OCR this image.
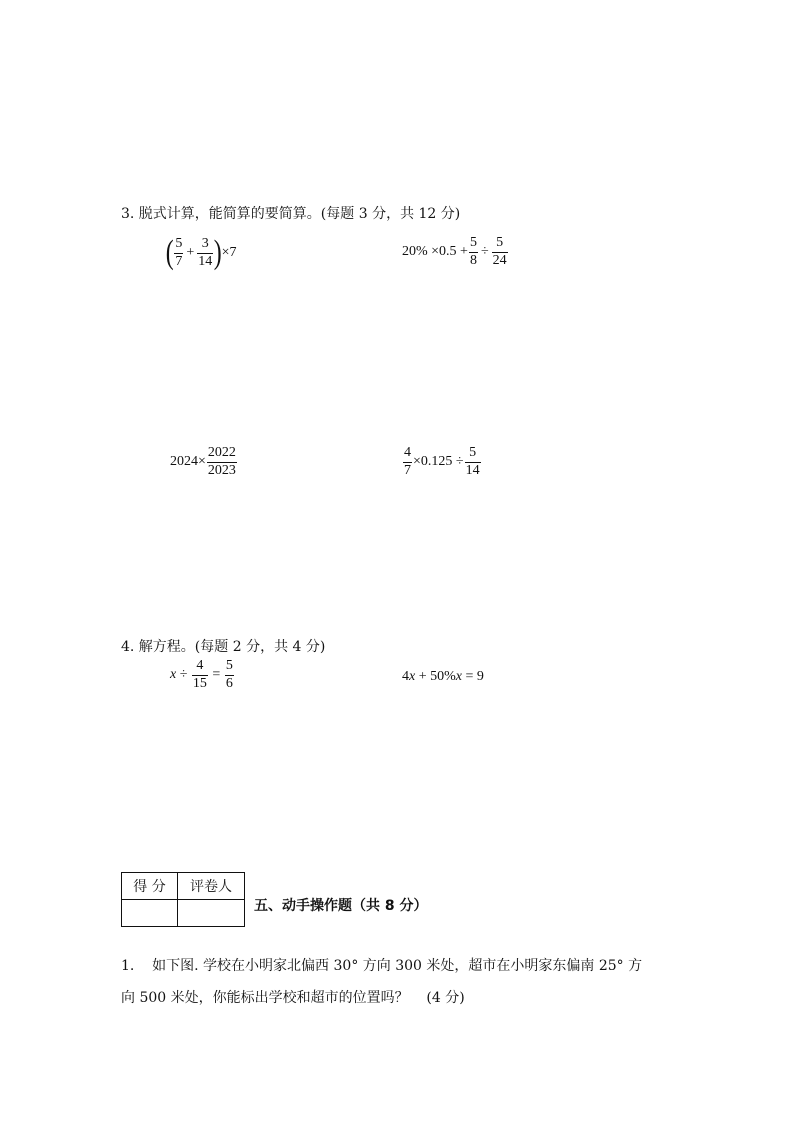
3. 脱式计算，能简算的要简算。(每题 3 分，共 12 分)
( $\frac{5}{7} + \frac{3}{14}$ ) ×7	$20\% \times 0.5 + \frac{5}{8} \div \frac{5}{24}$
$2024\times \frac{2022}{2023}$	$\frac{4}{7} \times 0.125 \div \frac{5}{14}$
4. 解方程。(每题 2 分，共 4 分)
$x \div \frac{4}{15} = \frac{5}{6}$	4 x + 50% x = 9
得 分	评卷人

五、动手操作题（共 8 分）
1.    如下图. 学校在小明家北偏西 30° 方向 300 米处，超市在小明家东偏南 25° 方
向 500 米处，你能标出学校和超市的位置吗？    (4 分)
